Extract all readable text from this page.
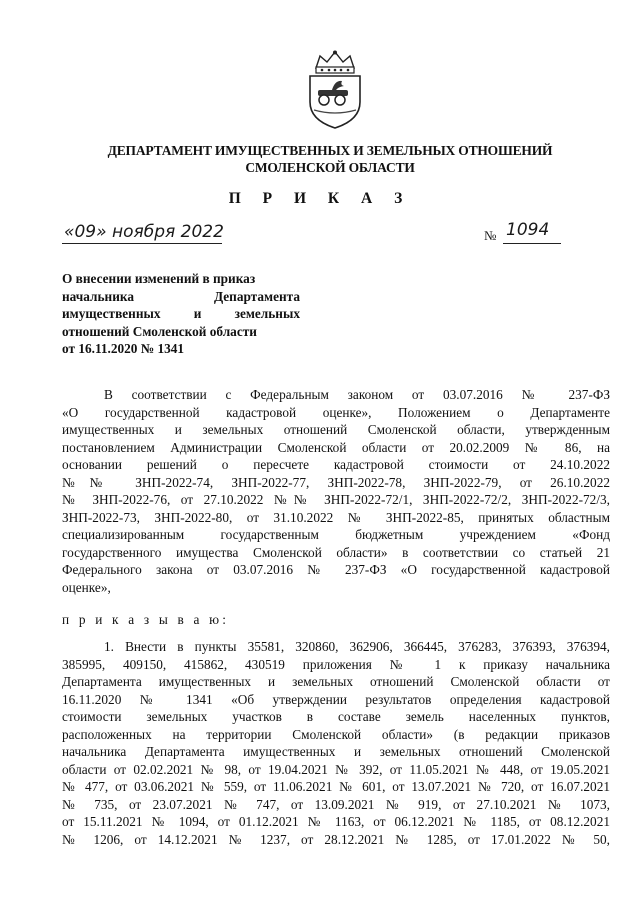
ДЕПАРТАМЕНТ ИМУЩЕСТВЕННЫХ И ЗЕМЕЛЬНЫХ ОТНОШЕНИЙ
СМОЛЕНСКОЙ ОБЛАСТИ
П Р И К А З
«09» ноября 2022	№ 1094
О внесении изменений в приказ
начальника Департамента
имущественных и земельных
отношений Смоленской области
от 16.11.2020 № 1341
В соответствии с Федеральным законом от 03.07.2016 № 237-ФЗ
«О государственной кадастровой оценке», Положением о Департаменте
имущественных и земельных отношений Смоленской области, утвержденным
постановлением Администрации Смоленской области от 20.02.2009 № 86, на
основании решений о пересчете кадастровой стоимости от 24.10.2022
№№ ЗНП-2022-74, ЗНП-2022-77, ЗНП-2022-78, ЗНП-2022-79, от 26.10.2022
№ ЗНП-2022-76, от 27.10.2022 №№ ЗНП-2022-72/1, ЗНП-2022-72/2, ЗНП-2022-72/3,
ЗНП-2022-73, ЗНП-2022-80, от 31.10.2022 № ЗНП-2022-85, принятых областным
специализированным государственным бюджетным учреждением «Фонд
государственного имущества Смоленской области» в соответствии со статьей 21
Федерального закона от 03.07.2016 № 237-ФЗ «О государственной кадастровой
оценке»,
п р и к а з ы в а ю:
1. Внести в пункты 35581, 320860, 362906, 366445, 376283, 376393, 376394,
385995, 409150, 415862, 430519 приложения № 1 к приказу начальника
Департамента имущественных и земельных отношений Смоленской области от
16.11.2020 № 1341 «Об утверждении результатов определения кадастровой
стоимости земельных участков в составе земель населенных пунктов,
расположенных на территории Смоленской области» (в редакции приказов
начальника Департамента имущественных и земельных отношений Смоленской
области от 02.02.2021 № 98, от 19.04.2021 № 392, от 11.05.2021 № 448, от 19.05.2021
№ 477, от 03.06.2021 № 559, от 11.06.2021 № 601, от 13.07.2021 № 720, от 16.07.2021
№ 735, от 23.07.2021 № 747, от 13.09.2021 № 919, от 27.10.2021 № 1073,
от 15.11.2021 № 1094, от 01.12.2021 № 1163, от 06.12.2021 № 1185, от 08.12.2021
№ 1206, от 14.12.2021 № 1237, от 28.12.2021 № 1285, от 17.01.2022 № 50,
